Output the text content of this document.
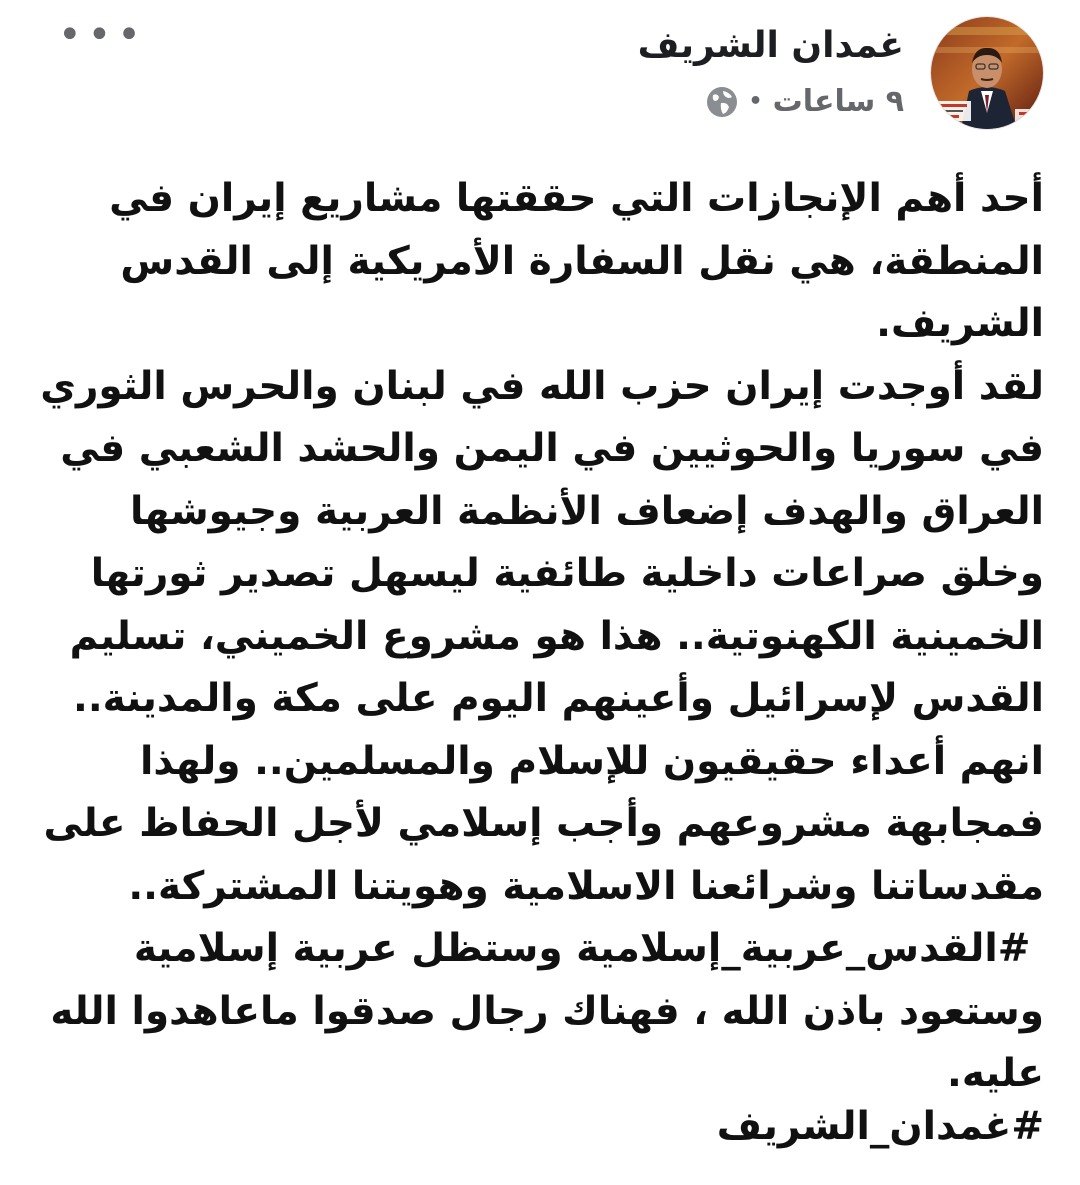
غمدان الشريف
٩ ساعات
•
•••
أحد أهم الإنجازات التي حققتها مشاريع إيران في المنطقة، هي نقل السفارة الأمريكية إلى القدس الشريف.
لقد أوجدت إيران حزب الله في لبنان والحرس الثوري في سوريا والحوثيين في اليمن والحشد الشعبي في العراق والهدف إضعاف الأنظمة العربية وجيوشها وخلق صراعات داخلية طائفية ليسهل تصدير ثورتها الخمينية الكهنوتية.. هذا هو مشروع الخميني، تسليم القدس لإسرائيل وأعينهم اليوم على مكة والمدينة.. انهم أعداء حقيقيون للإسلام والمسلمين.. ولهذا فمجابهة مشروعهم وأجب إسلامي لأجل الحفاظ على مقدساتنا وشرائعنا الاسلامية وهويتنا المشتركة..
#القدس_عربية_إسلامية وستظل عربية إسلامية وستعود باذن الله ، فهناك رجال صدقوا ماعاهدوا الله عليه.
#غمدان_الشريف
